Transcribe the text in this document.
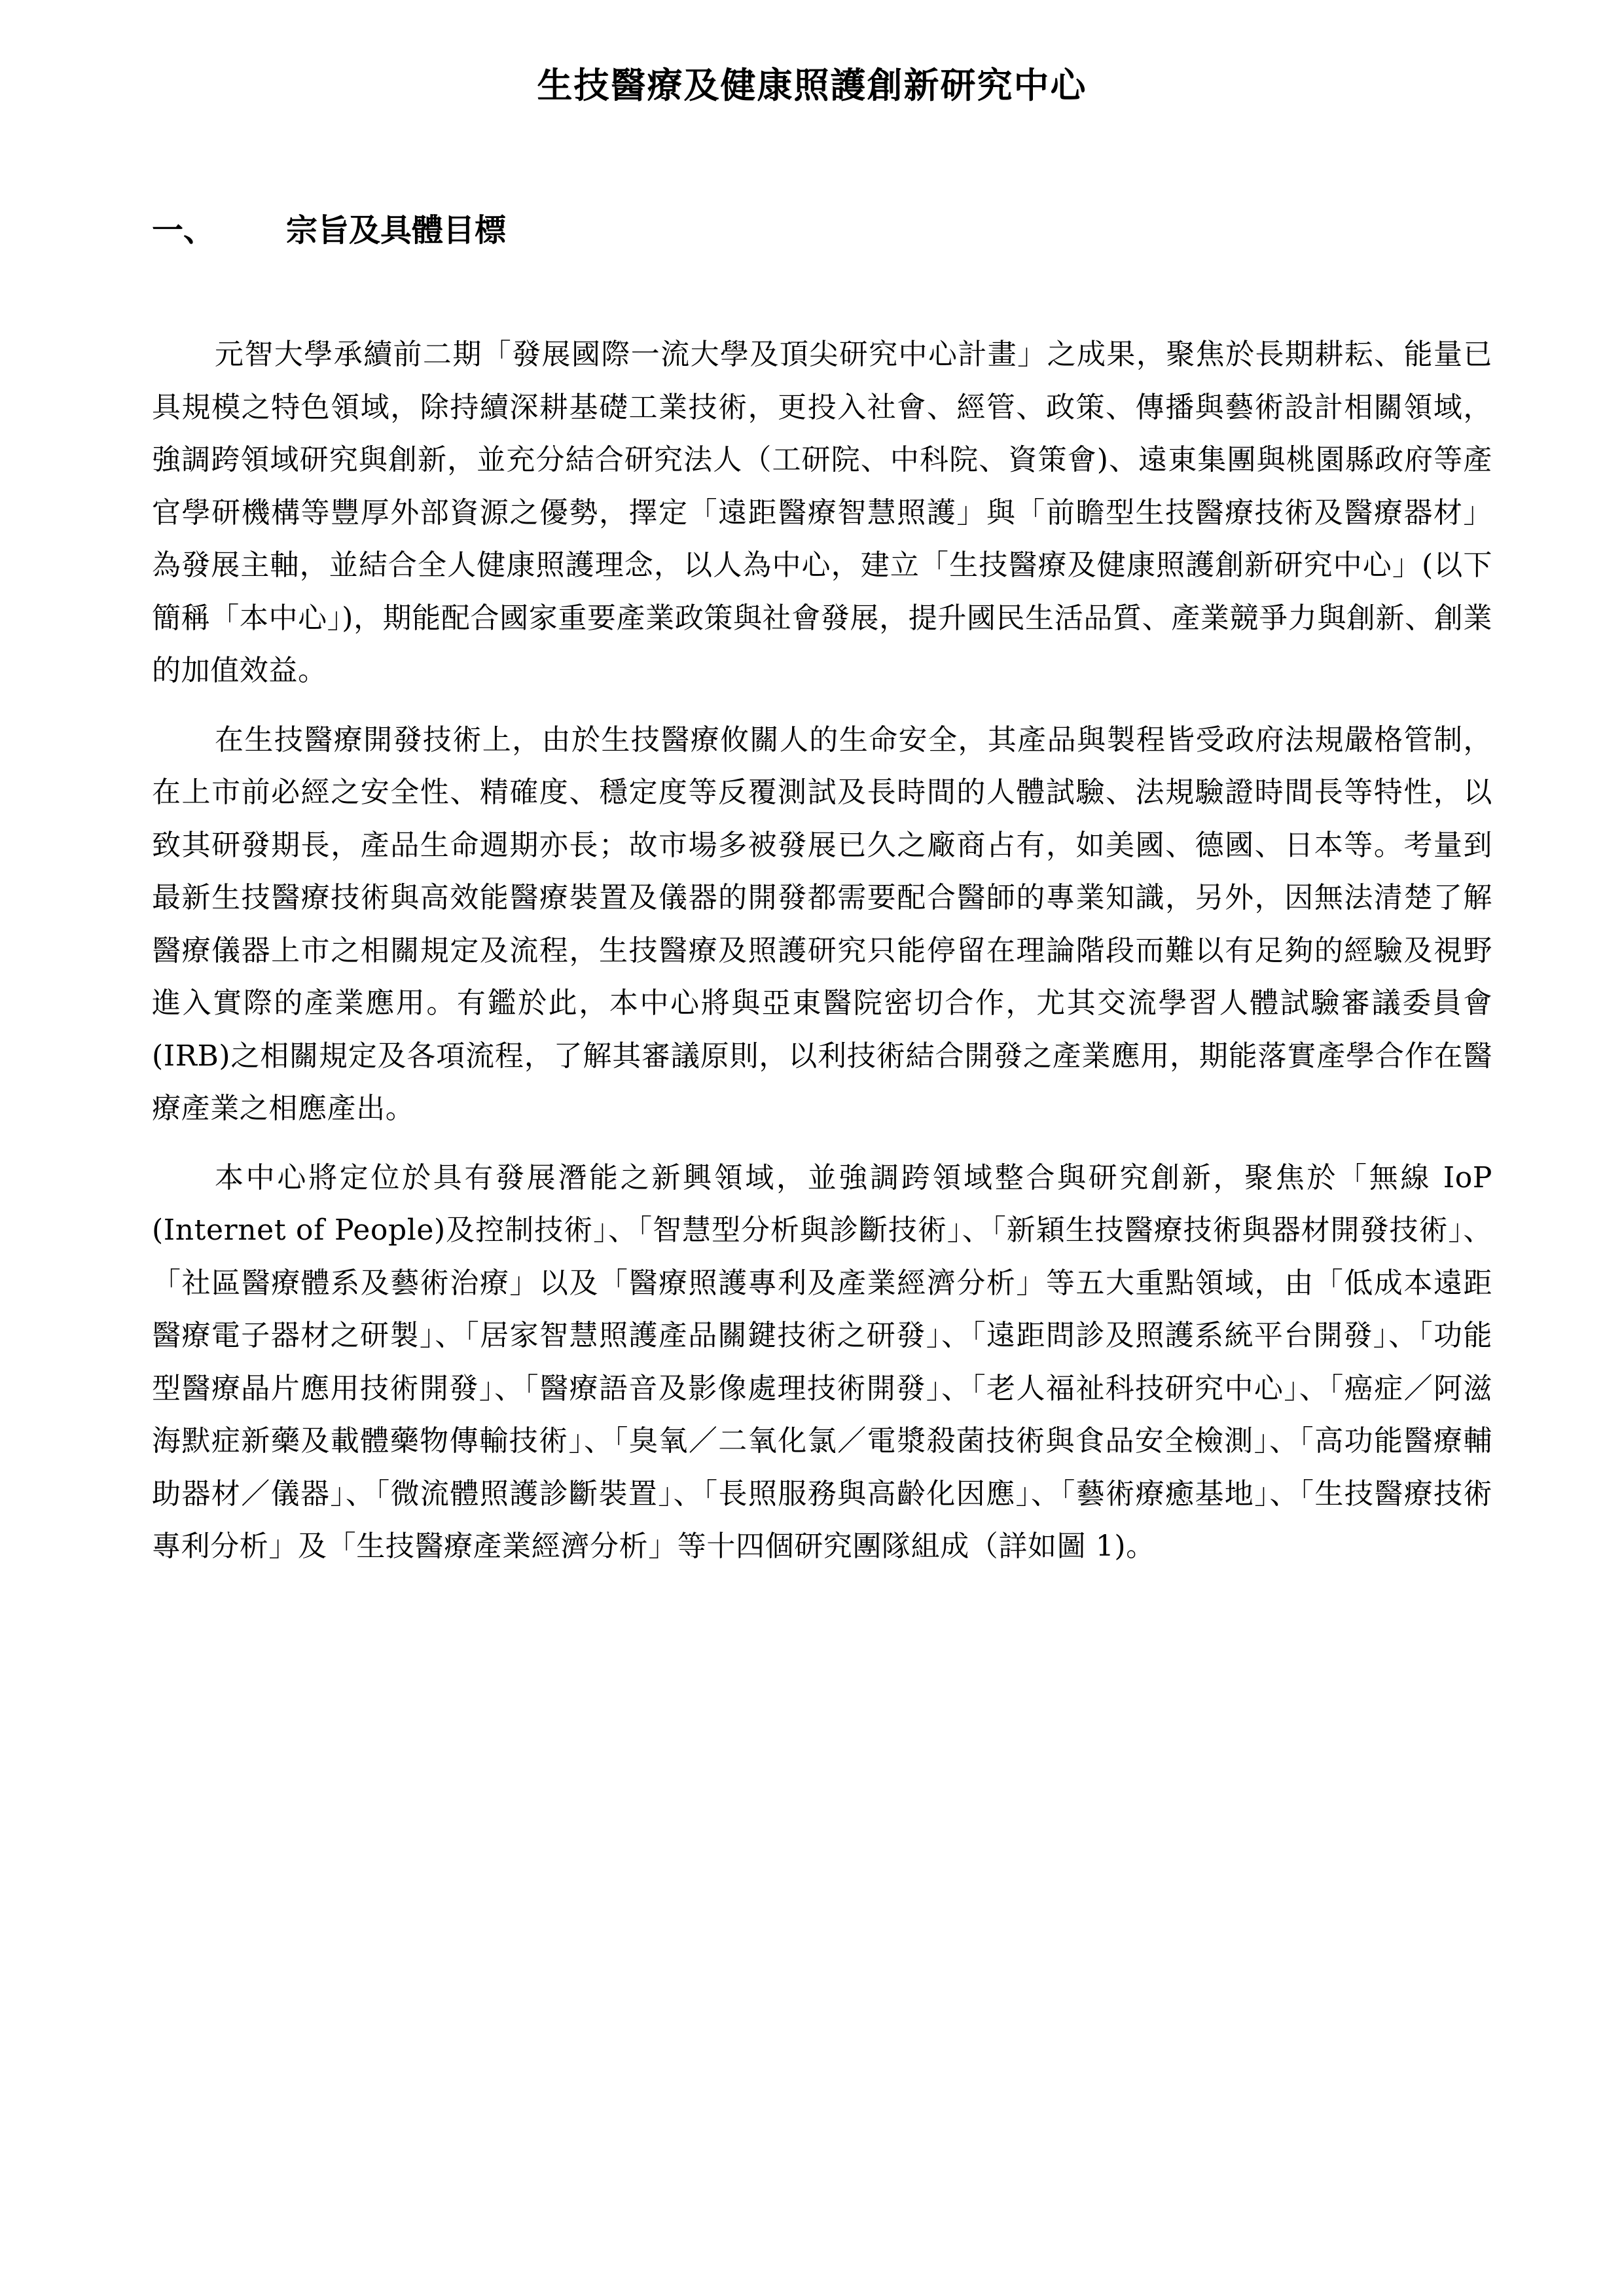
生技醫療及健康照護創新研究中心
一、 宗旨及具體目標

元智大學承續前二期「發展國際一流大學及頂尖研究中心計畫」之成果，聚焦於長期耕耘、能量已具規模之特色領域，除持續深耕基礎工業技術，更投入社會、經管、政策、傳播與藝術設計相關領域，強調跨領域研究與創新，並充分結合研究法人（工研院、中科院、資策會)、遠東集團與桃園縣政府等產官學研機構等豐厚外部資源之優勢，擇定「遠距醫療智慧照護」與「前瞻型生技醫療技術及醫療器材」為發展主軸，並結合全人健康照護理念，以人為中心，建立「生技醫療及健康照護創新研究中心」(以下簡稱「本中心」)，期能配合國家重要產業政策與社會發展，提升國民生活品質、產業競爭力與創新、創業的加值效益。

在生技醫療開發技術上，由於生技醫療攸關人的生命安全，其產品與製程皆受政府法規嚴格管制，在上市前必經之安全性、精確度、穩定度等反覆測試及長時間的人體試驗、法規驗證時間長等特性，以致其研發期長，產品生命週期亦長；故市場多被發展已久之廠商占有，如美國、德國、日本等。考量到最新生技醫療技術與高效能醫療裝置及儀器的開發都需要配合醫師的專業知識，另外，因無法清楚了解醫療儀器上市之相關規定及流程，生技醫療及照護研究只能停留在理論階段而難以有足夠的經驗及視野進入實際的產業應用。有鑑於此，本中心將與亞東醫院密切合作，尤其交流學習人體試驗審議委員會(IRB)之相關規定及各項流程，了解其審議原則，以利技術結合開發之產業應用，期能落實產學合作在醫療產業之相應產出。

本中心將定位於具有發展潛能之新興領域，並強調跨領域整合與研究創新，聚焦於「無線 IoP (Internet of People)及控制技術」、「智慧型分析與診斷技術」、「新穎生技醫療技術與器材開發技術」、「社區醫療體系及藝術治療」以及「醫療照護專利及產業經濟分析」等五大重點領域，由「低成本遠距醫療電子器材之研製」、「居家智慧照護產品關鍵技術之研發」、「遠距問診及照護系統平台開發」、「功能型醫療晶片應用技術開發」、「醫療語音及影像處理技術開發」、「老人福祉科技研究中心」、「癌症／阿滋海默症新藥及載體藥物傳輸技術」、「臭氧／二氧化氯／電漿殺菌技術與食品安全檢測」、「高功能醫療輔助器材／儀器」、「微流體照護診斷裝置」、「長照服務與高齡化因應」、「藝術療癒基地」、「生技醫療技術專利分析」及「生技醫療產業經濟分析」等十四個研究團隊組成（詳如圖 1)。
